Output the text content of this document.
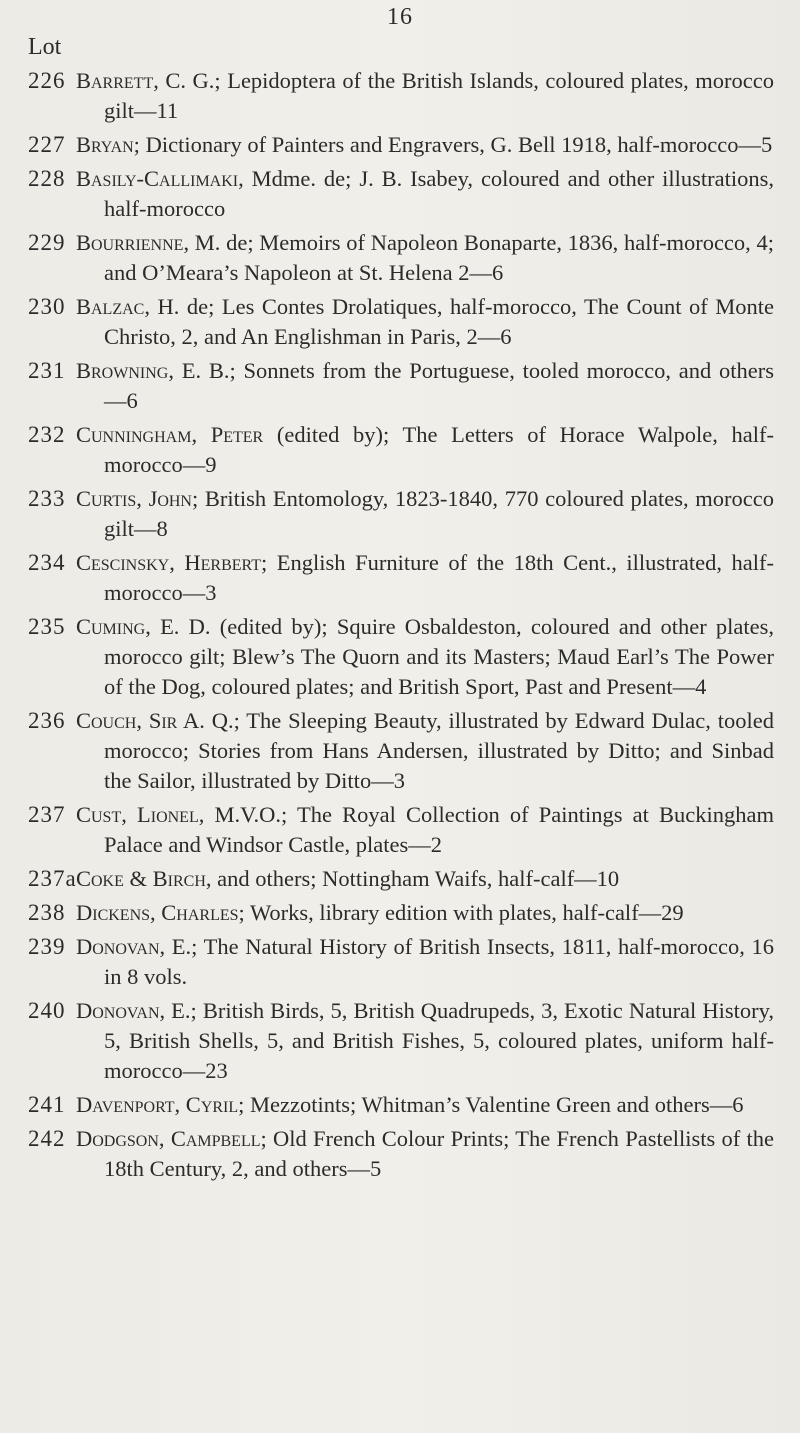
16
Lot
226 Barrett, C. G.; Lepidoptera of the British Islands, coloured plates, morocco gilt—11
227 Bryan; Dictionary of Painters and Engravers, G. Bell 1918, half-morocco—5
228 Basily-Callimaki, Mdme. de; J. B. Isabey, coloured and other illustrations, half-morocco
229 Bourrienne, M. de; Memoirs of Napoleon Bonaparte, 1836, half-morocco, 4; and O’Meara’s Napoleon at St. Helena 2—6
230 Balzac, H. de; Les Contes Drolatiques, half-morocco, The Count of Monte Christo, 2, and An Englishman in Paris, 2—6
231 Browning, E. B.; Sonnets from the Portuguese, tooled morocco, and others—6
232 Cunningham, Peter (edited by); The Letters of Horace Walpole, half-morocco—9
233 Curtis, John; British Entomology, 1823-1840, 770 coloured plates, morocco gilt—8
234 Cescinsky, Herbert; English Furniture of the 18th Cent., illustrated, half-morocco—3
235 Cuming, E. D. (edited by); Squire Osbaldeston, coloured and other plates, morocco gilt; Blew’s The Quorn and its Masters; Maud Earl’s The Power of the Dog, coloured plates; and British Sport, Past and Present—4
236 Couch, Sir A. Q.; The Sleeping Beauty, illustrated by Edward Dulac, tooled morocco; Stories from Hans Andersen, illustrated by Ditto; and Sinbad the Sailor, illustrated by Ditto—3
237 Cust, Lionel, M.V.O.; The Royal Collection of Paintings at Buckingham Palace and Windsor Castle, plates—2
237a Coke & Birch, and others; Nottingham Waifs, half-calf—10
238 Dickens, Charles; Works, library edition with plates, half-calf—29
239 Donovan, E.; The Natural History of British Insects, 1811, half-morocco, 16 in 8 vols.
240 Donovan, E.; British Birds, 5, British Quadrupeds, 3, Exotic Natural History, 5, British Shells, 5, and British Fishes, 5, coloured plates, uniform half-morocco—23
241 Davenport, Cyril; Mezzotints; Whitman’s Valentine Green and others—6
242 Dodgson, Campbell; Old French Colour Prints; The French Pastellists of the 18th Century, 2, and others—5
